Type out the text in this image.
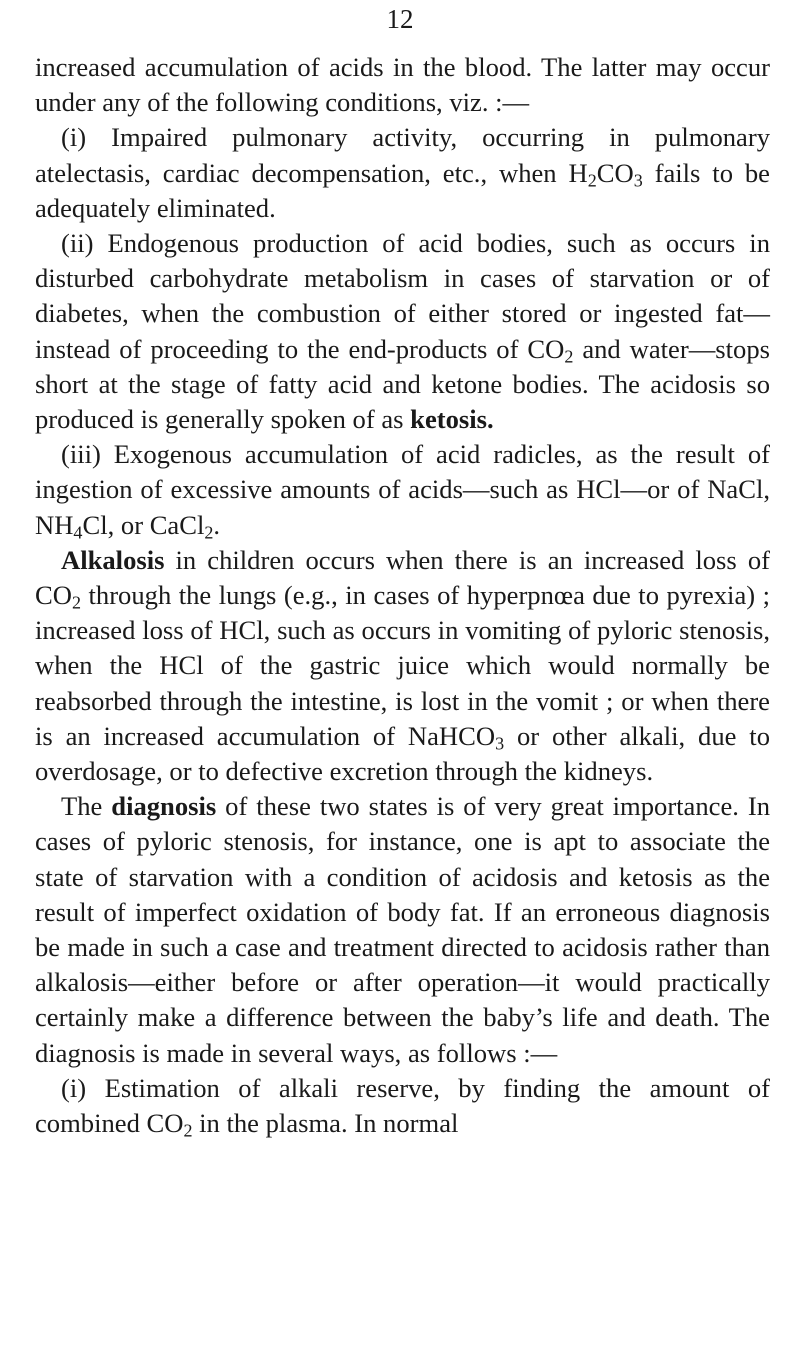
12

increased accumulation of acids in the blood. The latter may occur under any of the following conditions, viz. :—

(i) Impaired pulmonary activity, occurring in pulmonary atelectasis, cardiac decompensation, etc., when $H_2CO_3$ fails to be adequately eliminated.

(ii) Endogenous production of acid bodies, such as occurs in disturbed carbohydrate metabolism in cases of starvation or of diabetes, when the combustion of either stored or ingested fat—instead of proceeding to the end-products of $CO_2$ and water—stops short at the stage of fatty acid and ketone bodies. The acidosis so produced is generally spoken of as ketosis.

(iii) Exogenous accumulation of acid radicles, as the result of ingestion of excessive amounts of acids—such as HCl—or of NaCl, $NH_4Cl$, or CaCl$_2$.

Alkalosis in children occurs when there is an increased loss of $CO_2$ through the lungs (e.g., in cases of hyperpnœa due to pyrexia) ; increased loss of HCl, such as occurs in vomiting of pyloric stenosis, when the HCl of the gastric juice which would normally be reabsorbed through the intestine, is lost in the vomit ; or when there is an increased accumulation of NaHCO$_3$ or other alkali, due to overdosage, or to defective excretion through the kidneys.

The diagnosis of these two states is of very great importance. In cases of pyloric stenosis, for instance, one is apt to associate the state of starvation with a condition of acidosis and ketosis as the result of imperfect oxidation of body fat. If an erroneous diagnosis be made in such a case and treatment directed to acidosis rather than alkalosis—either before or after operation—it would practically certainly make a difference between the baby’s life and death. The diagnosis is made in several ways, as follows :—

(i) Estimation of alkali reserve, by finding the amount of combined $CO_2$ in the plasma. In normal
